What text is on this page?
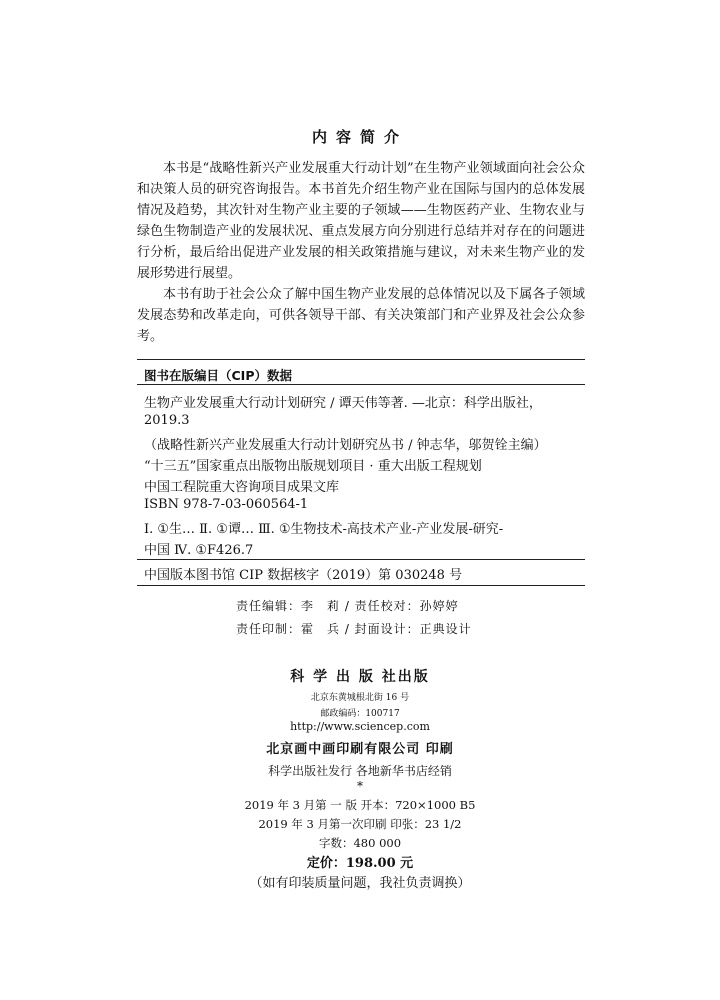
内容简介

本书是“战略性新兴产业发展重大行动计划”在生物产业领域面向社会公众和决策人员的研究咨询报告。本书首先介绍生物产业在国际与国内的总体发展情况及趋势，其次针对生物产业主要的子领域——生物医药产业、生物农业与绿色生物制造产业的发展状况、重点发展方向分别进行总结并对存在的问题进行分析，最后给出促进产业发展的相关政策措施与建议，对未来生物产业的发展形势进行展望。

本书有助于社会公众了解中国生物产业发展的总体情况以及下属各子领域发展态势和改革走向，可供各领导干部、有关决策部门和产业界及社会公众参考。

图书在版编目（CIP）数据
生物产业发展重大行动计划研究 / 谭天伟等著. —北京：科学出版社，
2019.3
（战略性新兴产业发展重大行动计划研究丛书 / 钟志华，邬贺铨主编）
“十三五”国家重点出版物出版规划项目 · 重大出版工程规划
中国工程院重大咨询项目成果文库
ISBN 978-7-03-060564-1
Ⅰ. ①生… Ⅱ. ①谭… Ⅲ. ①生物技术-高技术产业-产业发展-研究-
中国 Ⅳ. ①F426.7
中国版本图书馆 CIP 数据核字（2019）第 030248 号
责任编辑：李　莉 / 责任校对：孙婷婷
责任印制：霍　兵 / 封面设计：正典设计
科 学 出 版 社出版
北京东黄城根北街 16 号
邮政编码：100717
http://www.sciencep.com
北京画中画印刷有限公司 印刷
科学出版社发行 各地新华书店经销
*
2019 年 3 月第 一 版 开本：720×1000 B5
2019 年 3 月第一次印刷 印张：23 1/2
字数：480 000
定价：198.00 元
（如有印装质量问题，我社负责调换）
